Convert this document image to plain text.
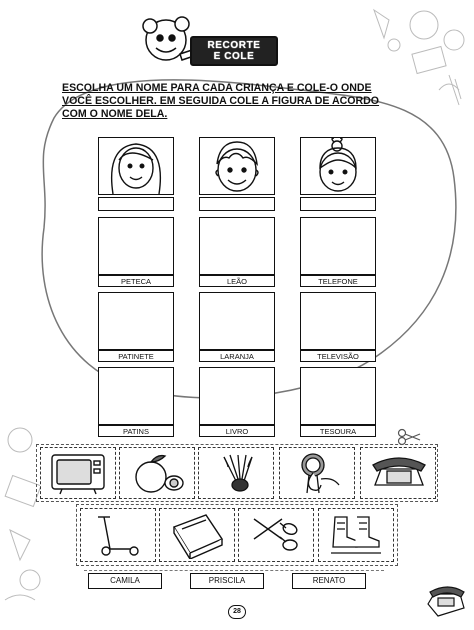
RECORTE
E COLE
ESCOLHA UM NOME PARA CADA CRIANÇA E COLE-O ONDE
VOCÊ ESCOLHER. EM SEGUIDA COLE A FIGURA DE ACORDO
COM O NOME DELA.
PETECA	LEÃO	TELEFONE
PATINETE	LARANJA	TELEVISÃO
PATINS	LIVRO	TESOURA
CAMILA	PRISCILA	RENATO
28
